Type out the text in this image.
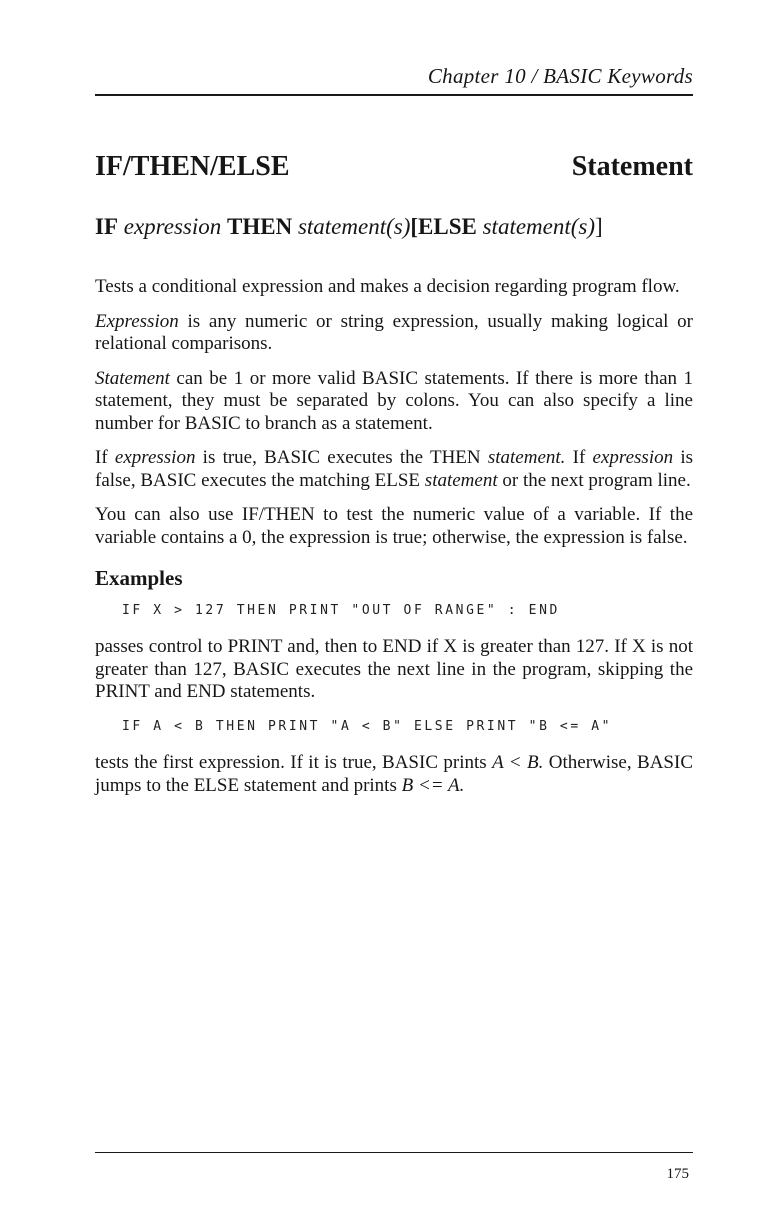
Chapter 10 / BASIC Keywords
IF/THEN/ELSE	Statement
IF expression THEN statement(s)[ELSE statement(s)]

Tests a conditional expression and makes a decision regarding program flow.

Expression is any numeric or string expression, usually making logical or relational comparisons.

Statement can be 1 or more valid BASIC statements. If there is more than 1 statement, they must be separated by colons. You can also specify a line number for BASIC to branch as a statement.

If expression is true, BASIC executes the THEN statement. If expression is false, BASIC executes the matching ELSE statement or the next program line.

You can also use IF/THEN to test the numeric value of a variable. If the variable contains a 0, the expression is true; otherwise, the expression is false.

Examples
IF X > 127 THEN PRINT "OUT OF RANGE" : END

passes control to PRINT and, then to END if X is greater than 127. If X is not greater than 127, BASIC executes the next line in the program, skipping the PRINT and END statements.

IF A < B THEN PRINT "A < B" ELSE PRINT "B <= A"

tests the first expression. If it is true, BASIC prints A < B. Otherwise, BASIC jumps to the ELSE statement and prints B <= A.

175
